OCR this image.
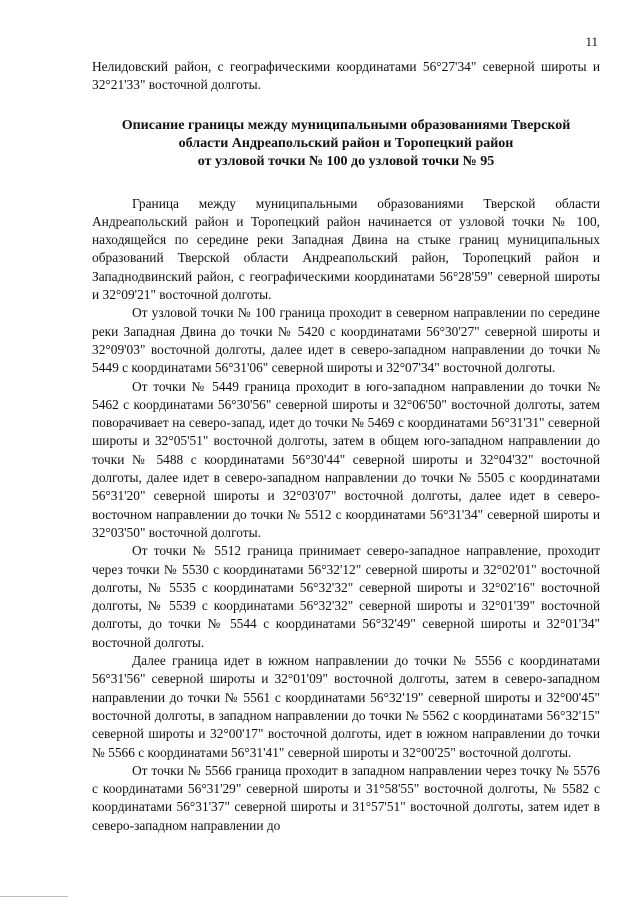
11

Нелидовский район, с географическими координатами 56°27'34" северной широты и 32°21'33" восточной долготы.

Описание границы между муниципальными образованиями Тверской
области Андреапольский район и Торопецкий район
от узловой точки № 100 до узловой точки № 95

Граница между муниципальными образованиями Тверской области Андреапольский район и Торопецкий район начинается от узловой точки № 100, находящейся по середине реки Западная Двина на стыке границ муниципальных образований Тверской области Андреапольский район, Торопецкий район и Западнодвинский район, с географическими координатами 56°28'59" северной широты и 32°09'21" восточной долготы.

От узловой точки № 100 граница проходит в северном направлении по середине реки Западная Двина до точки № 5420 с координатами 56°30'27" северной широты и 32°09'03" восточной долготы, далее идет в северо-западном направлении до точки № 5449 с координатами 56°31'06" северной широты и 32°07'34" восточной долготы.

От точки № 5449 граница проходит в юго-западном направлении до точки № 5462 с координатами 56°30'56" северной широты и 32°06'50" восточной долготы, затем поворачивает на северо-запад, идет до точки № 5469 с координатами 56°31'31" северной широты и 32°05'51" восточной долготы, затем в общем юго-западном направлении до точки № 5488 с координатами 56°30'44" северной широты и 32°04'32" восточной долготы, далее идет в северо-западном направлении до точки № 5505 с координатами 56°31'20" северной широты и 32°03'07" восточной долготы, далее идет в северо-восточном направлении до точки № 5512 с координатами 56°31'34" северной широты и 32°03'50" восточной долготы.

От точки № 5512 граница принимает северо-западное направление, проходит через точки № 5530 с координатами 56°32'12" северной широты и 32°02'01" восточной долготы, № 5535 с координатами 56°32'32" северной широты и 32°02'16" восточной долготы, № 5539 с координатами 56°32'32" северной широты и 32°01'39" восточной долготы, до точки № 5544 с координатами 56°32'49" северной широты и 32°01'34" восточной долготы.

Далее граница идет в южном направлении до точки № 5556 с координатами 56°31'56" северной широты и 32°01'09" восточной долготы, затем в северо-западном направлении до точки № 5561 с координатами 56°32'19" северной широты и 32°00'45" восточной долготы, в западном направлении до точки № 5562 с координатами 56°32'15" северной широты и 32°00'17" восточной долготы, идет в южном направлении до точки № 5566 с координатами 56°31'41" северной широты и 32°00'25" восточной долготы.

От точки № 5566 граница проходит в западном направлении через точку № 5576 с координатами 56°31'29" северной широты и 31°58'55" восточной долготы, № 5582 с координатами 56°31'37" северной широты и 31°57'51" восточной долготы, затем идет в северо-западном направлении до
